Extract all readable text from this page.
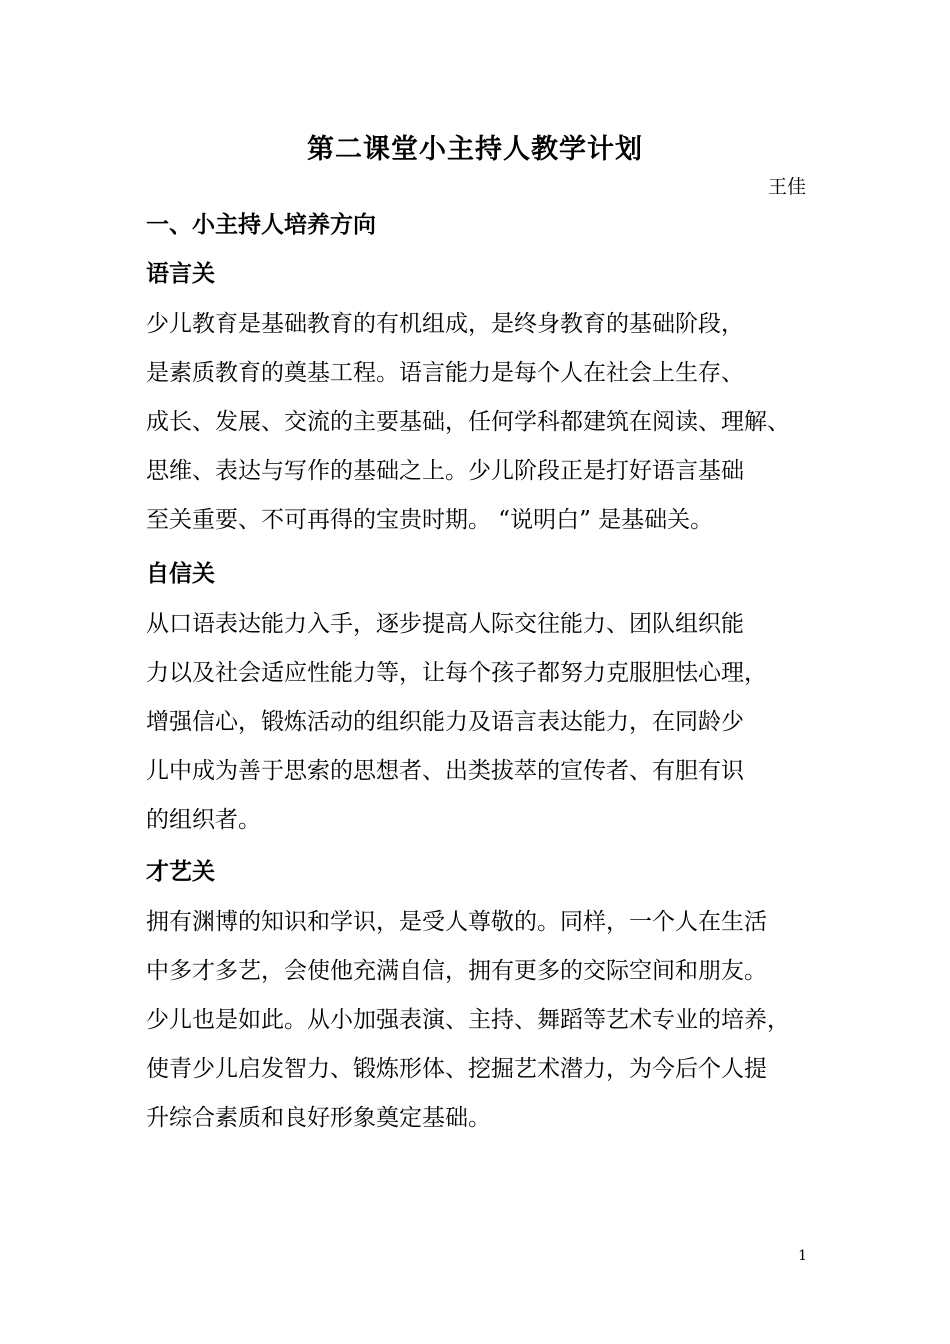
第二课堂小主持人教学计划
王佳
一、小主持人培养方向
语言关
少儿教育是基础教育的有机组成，是终身教育的基础阶段，
是素质教育的奠基工程。语言能力是每个人在社会上生存、
成长、发展、交流的主要基础，任何学科都建筑在阅读、理解、
思维、表达与写作的基础之上。少儿阶段正是打好语言基础
至关重要、不可再得的宝贵时期。 “说明白” 是基础关。
自信关
从口语表达能力入手，逐步提高人际交往能力、团队组织能
力以及社会适应性能力等，让每个孩子都努力克服胆怯心理，
增强信心，锻炼活动的组织能力及语言表达能力，在同龄少
儿中成为善于思索的思想者、出类拔萃的宣传者、有胆有识
的组织者。
才艺关
拥有渊博的知识和学识，是受人尊敬的。同样，一个人在生活
中多才多艺，会使他充满自信，拥有更多的交际空间和朋友。
少儿也是如此。从小加强表演、主持、舞蹈等艺术专业的培养，
使青少儿启发智力、锻炼形体、挖掘艺术潜力，为今后个人提
升综合素质和良好形象奠定基础。
1
